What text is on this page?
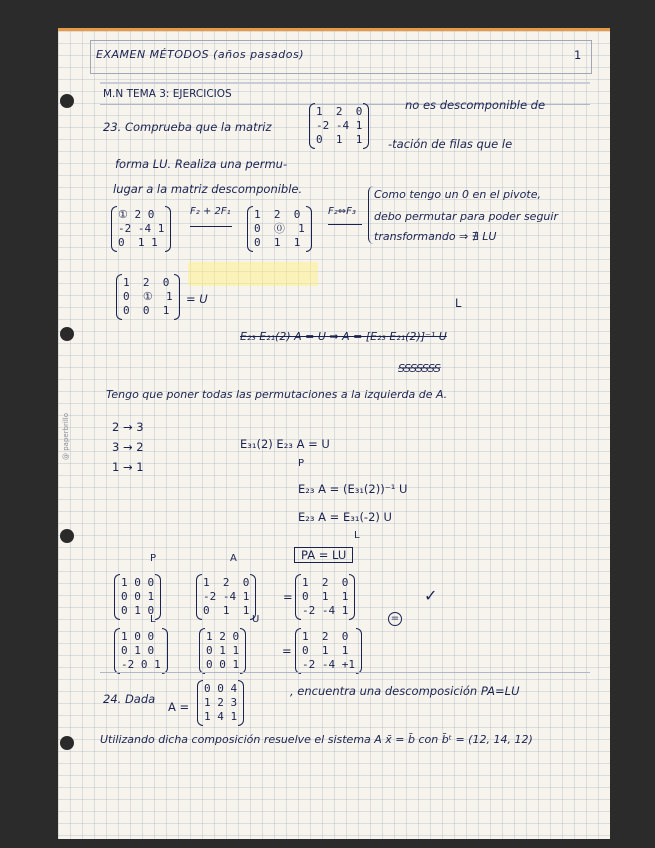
EXAMEN MÉTODOS (años pasados)	1
M.N TEMA 3: EJERCICIOS
23. Comprueba que la matriz
1  2  0
-2 -4 1
0  1  1
no es descomponible de
forma LU. Realiza una permu-
-tación de filas que le
lugar a la matriz descomponible.
① 2 0
-2 -4 1
0  1 1
F₂ + 2F₁ 1  2  0
0  ⓪  1
0  1  1
F₂⇔F₃
Como tengo un 0 en el pivote,
debo permutar para poder seguir
transformando ⇒ ∄ LU
1  2  0
0  ①  1
0  0  1
= U	L
E₂₃ E₂₁(2) A = U ⇒ A = [E₂₃ E₂₁(2)]⁻¹ U
ꞨꞨꞨꞨꞨꞨꞨ
Tengo que poner todas las permutaciones a la izquierda de A.
2 → 3
3 → 2
1 → 1
E₃₁(2) E₂₃ A = U
P
E₂₃ A = (E₃₁(2))⁻¹ U
E₂₃ A = E₃₁(-2) U
L
PA = LU
P	A
1 0 0
0 0 1
0 1 0
1  2  0
-2 -4 1
0  1  1
=
1  2  0
0  1  1
-2 -4 1
=
✓
L	U
1 0 0
0 1 0
-2 0 1
1 2 0
0 1 1
0 0 1
=
1  2  0
0  1  1
-2 -4 +1
24. Dada
A =
0 0 4
1 2 3
1 4 1
, encuentra una descomposición PA=LU
Utilizando dicha composición resuelve el sistema A x̄ = b̄ con b̄ᵗ = (12, 14, 12)
@ paperbrillo
